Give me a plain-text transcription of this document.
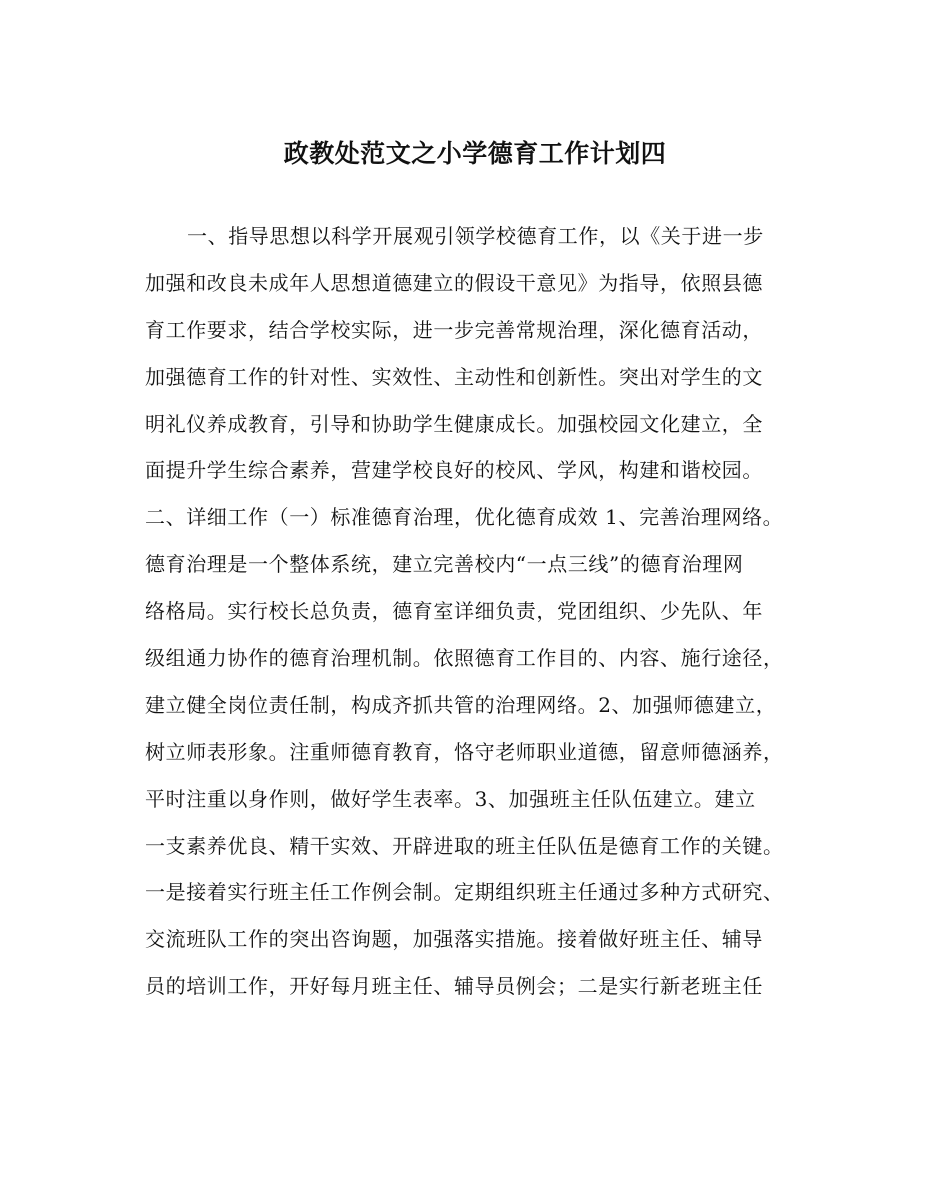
政教处范文之小学德育工作计划四
一、指导思想以科学开展观引领学校德育工作，以《关于进一步
加强和改良未成年人思想道德建立的假设干意见》为指导，依照县德
育工作要求，结合学校实际，进一步完善常规治理，深化德育活动，
加强德育工作的针对性、实效性、主动性和创新性。突出对学生的文
明礼仪养成教育，引导和协助学生健康成长。加强校园文化建立，全
面提升学生综合素养，营建学校良好的校风、学风，构建和谐校园。
二、详细工作（一）标准德育治理，优化德育成效 1、完善治理网络。
德育治理是一个整体系统，建立完善校内“一点三线”的德育治理网
络格局。实行校长总负责，德育室详细负责，党团组织、少先队、年
级组通力协作的德育治理机制。依照德育工作目的、内容、施行途径，
建立健全岗位责任制，构成齐抓共管的治理网络。2、加强师德建立，
树立师表形象。注重师德育教育，恪守老师职业道德，留意师德涵养，
平时注重以身作则，做好学生表率。3、加强班主任队伍建立。建立
一支素养优良、精干实效、开辟进取的班主任队伍是德育工作的关键。
一是接着实行班主任工作例会制。定期组织班主任通过多种方式研究、
交流班队工作的突出咨询题，加强落实措施。接着做好班主任、辅导
员的培训工作，开好每月班主任、辅导员例会；二是实行新老班主任
